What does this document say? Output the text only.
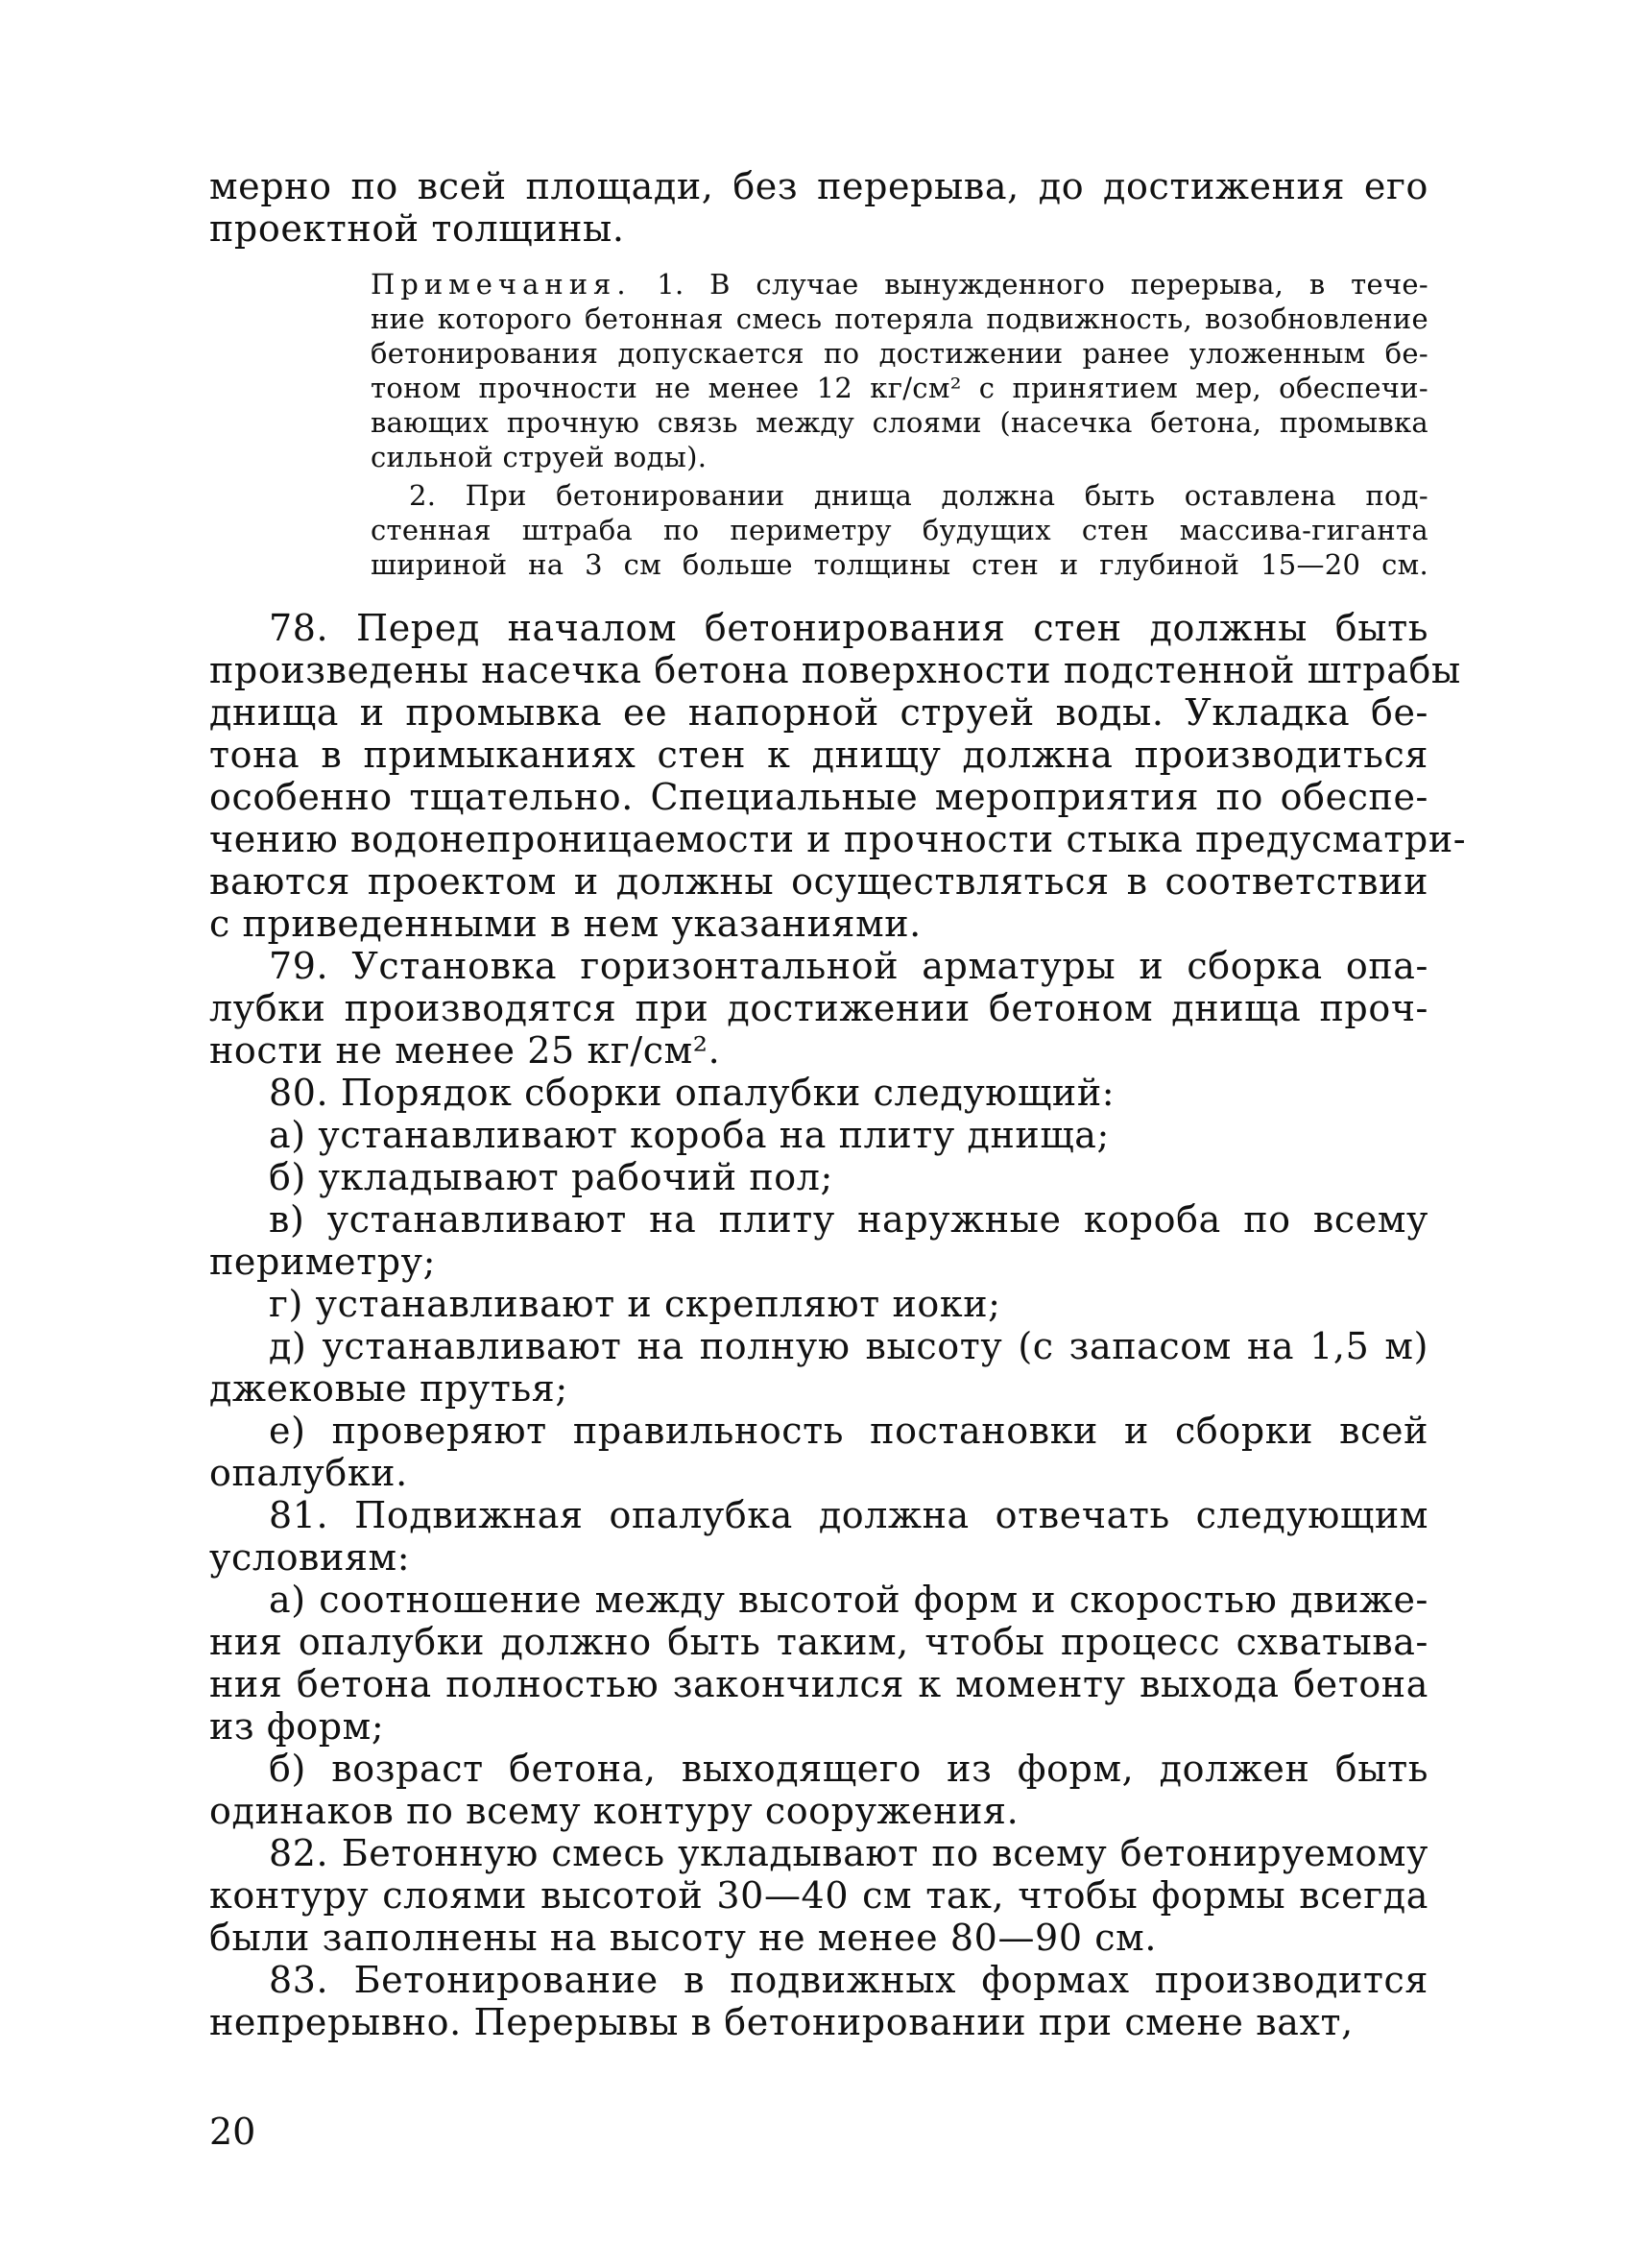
мерно по всей площади, без перерыва, до достижения его
проектной толщины.
Примечания. 1. В случае вынужденного перерыва, в тече-
ние которого бетонная смесь потеряла подвижность, возобновление
бетонирования допускается по достижении ранее уложенным бе-
тоном прочности не менее 12 кг/см² с принятием мер, обеспечи-
вающих прочную связь между слоями (насечка бетона, промывка
сильной струей воды).
2. При бетонировании днища должна быть оставлена под-
стенная штраба по периметру будущих стен массива-гиганта
шириной на 3 см больше толщины стен и глубиной 15—20 см.
78. Перед началом бетонирования стен должны быть
произведены насечка бетона поверхности подстенной штрабы
днища и промывка ее напорной струей воды. Укладка бе-
тона в примыканиях стен к днищу должна производиться
особенно тщательно. Специальные мероприятия по обеспе-
чению водонепроницаемости и прочности стыка предусматри-
ваются проектом и должны осуществляться в соответствии
с приведенными в нем указаниями.
79. Установка горизонтальной арматуры и сборка опа-
лубки производятся при достижении бетоном днища проч-
ности не менее 25 кг/см².
80. Порядок сборки опалубки следующий:
а) устанавливают короба на плиту днища;
б) укладывают рабочий пол;
в) устанавливают на плиту наружные короба по всему
периметру;
г) устанавливают и скрепляют иоки;
д) устанавливают на полную высоту (с запасом на 1,5 м)
джековые прутья;
е) проверяют правильность постановки и сборки всей
опалубки.
81. Подвижная опалубка должна отвечать следующим
условиям:
а) соотношение между высотой форм и скоростью движе-
ния опалубки должно быть таким, чтобы процесс схватыва-
ния бетона полностью закончился к моменту выхода бетона
из форм;
б) возраст бетона, выходящего из форм, должен быть
одинаков по всему контуру сооружения.
82. Бетонную смесь укладывают по всему бетонируемому
контуру слоями высотой 30—40 см так, чтобы формы всегда
были заполнены на высоту не менее 80—90 см.
83. Бетонирование в подвижных формах производится
непрерывно. Перерывы в бетонировании при смене вахт,
20
